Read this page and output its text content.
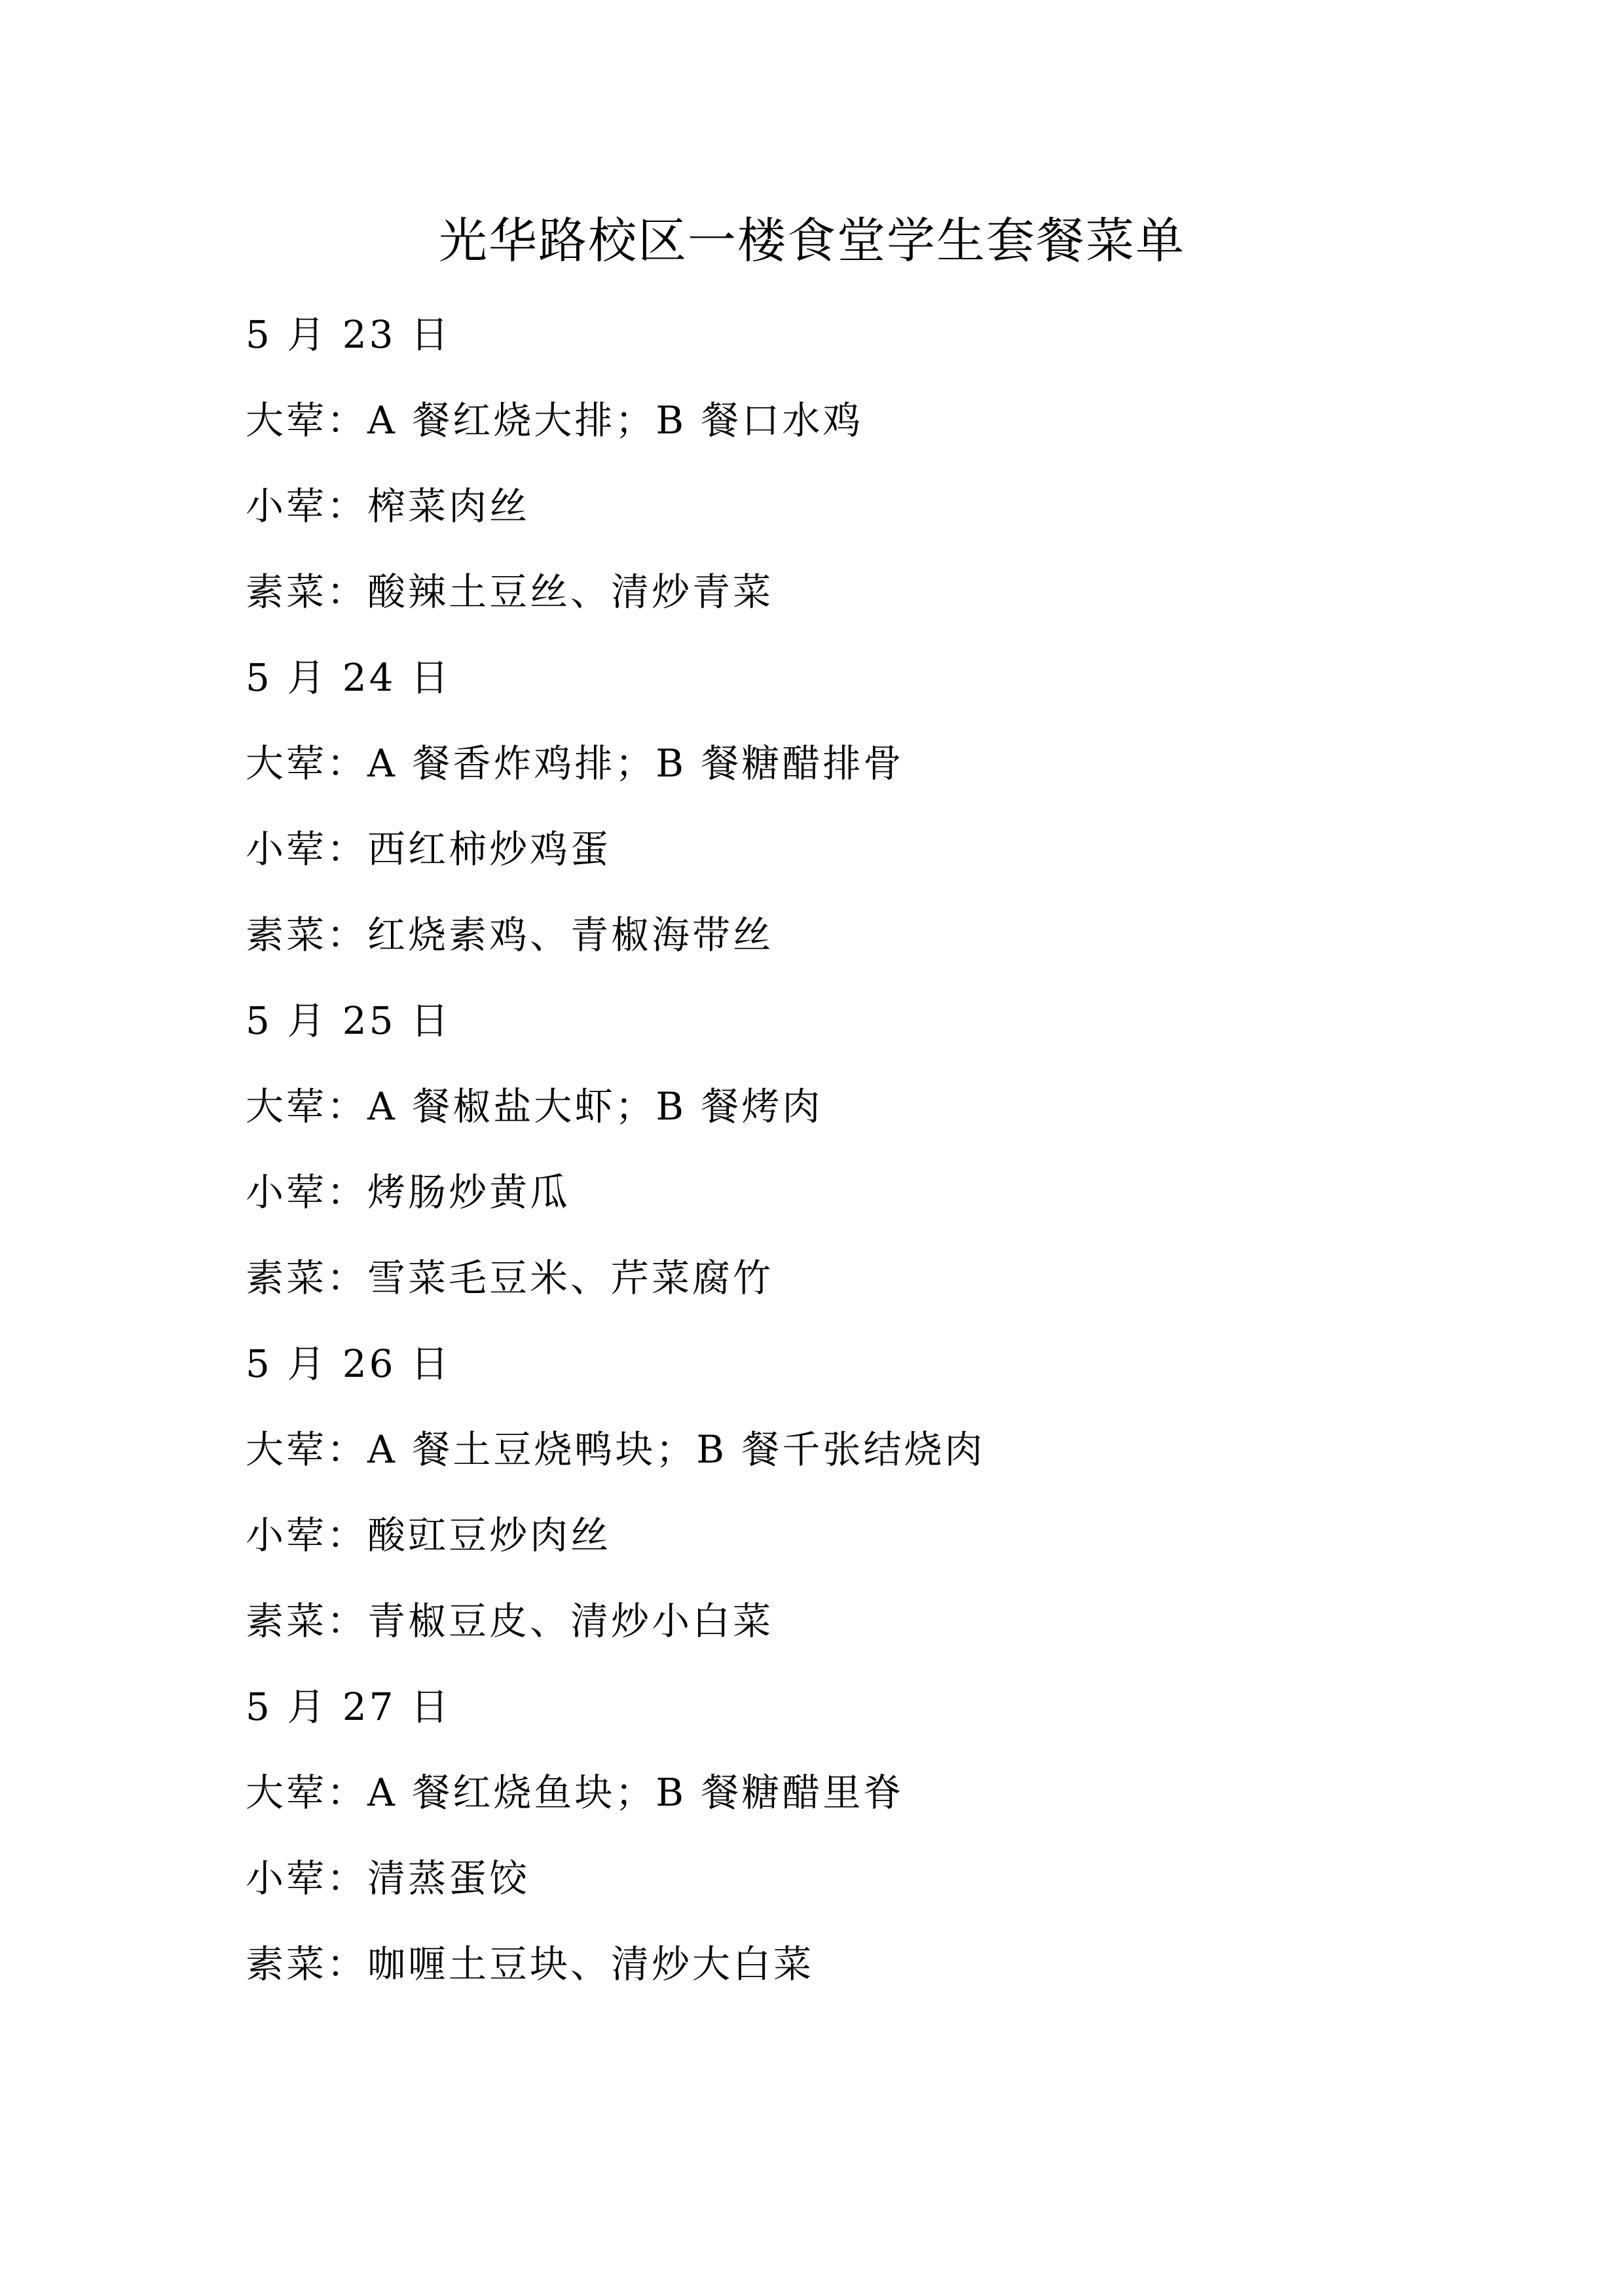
光华路校区一楼食堂学生套餐菜单
5 月 23 日
大荤：A 餐红烧大排；B 餐口水鸡
小荤：榨菜肉丝
素菜：酸辣土豆丝、清炒青菜
5 月 24 日
大荤：A 餐香炸鸡排；B 餐糖醋排骨
小荤：西红柿炒鸡蛋
素菜：红烧素鸡、青椒海带丝
5 月 25 日
大荤：A 餐椒盐大虾；B 餐烤肉
小荤：烤肠炒黄瓜
素菜：雪菜毛豆米、芹菜腐竹
5 月 26 日
大荤：A 餐土豆烧鸭块；B 餐千张结烧肉
小荤：酸豇豆炒肉丝
素菜：青椒豆皮、清炒小白菜
5 月 27 日
大荤：A 餐红烧鱼块；B 餐糖醋里脊
小荤：清蒸蛋饺
素菜：咖喱土豆块、清炒大白菜
